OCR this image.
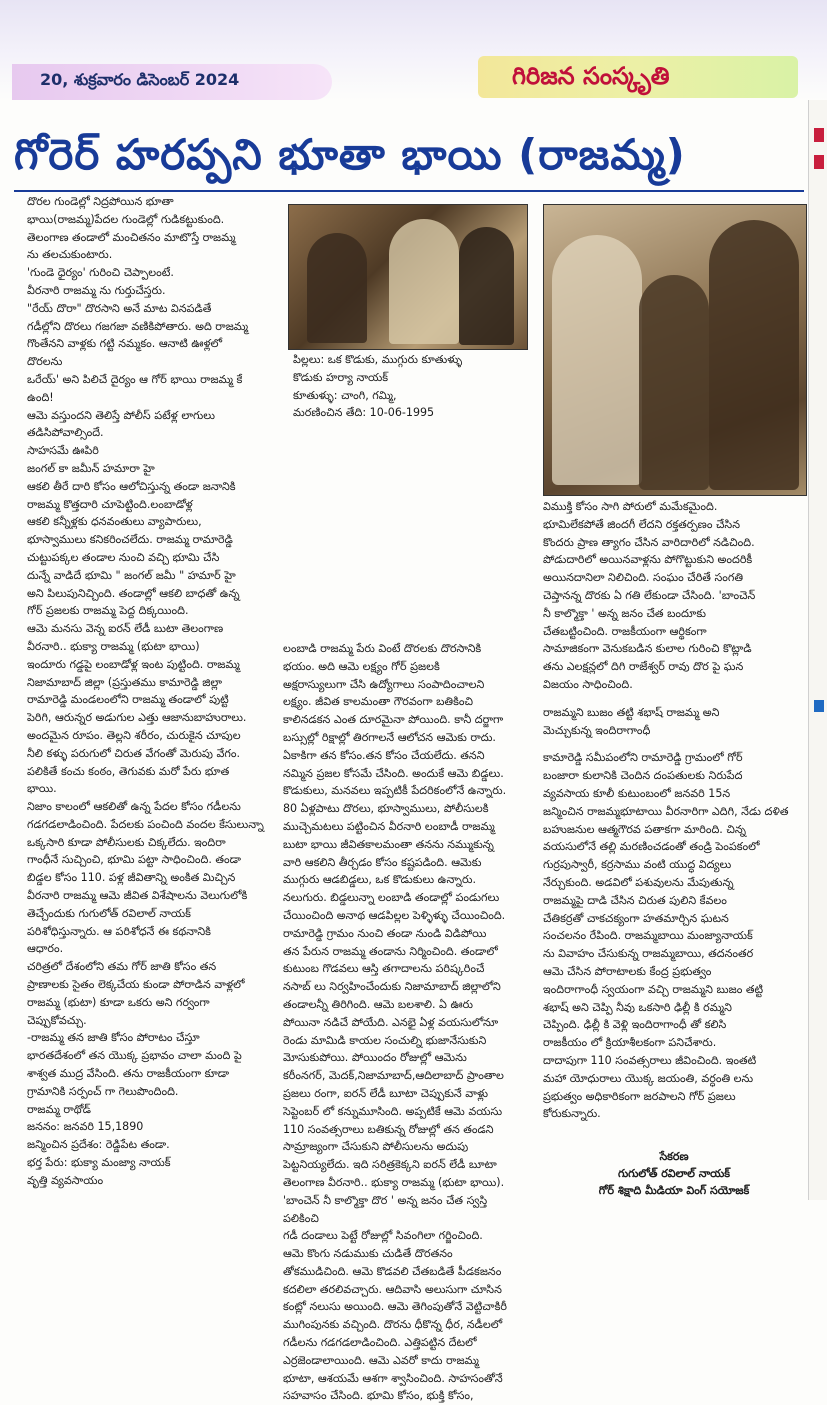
20, శుక్రవారం డిసెంబర్ 2024	గిరిజన సంస్కృతి
గోరెర్ హరప్పని భూతా భాయి (రాజమ్మ)

పిల్లలు: ఒక కొడుకు, ముగ్గురు కూతుళ్ళు

కొడుకు హర్యా నాయక్

కూతుళ్ళు: చాంగి, గమ్మి,

మరణించిన తేది: 10-06-1995

దొరల గుండెల్లో నిద్రపోయిన భూతా

భాయి(రాజమ్మ)పేదల గుండెల్లో గుడికట్టుకుంది.

తెలంగాణ తండాలో మంచితనం మాటొస్తే రాజమ్మ

ను తలచుకుంటారు.

'గుండె ధైర్యం' గురించి చెప్పాలంటే.

వీరనారి రాజమ్మ ను గుర్తుచేస్తరు.

"రేయ్ దొరా" దొరసాని అనే మాట వినపడితే

గడీల్లోని దొరలు గజగజా వణికిపోతారు. అది రాజమ్మ

గొంతేనని వాళ్లకు గట్టి నమ్మకం. ఆనాటి ఊళ్లలో

దొరలను

ఒరేయ్' అని పిలిచే దైర్యం ఆ గోర్ భాయి రాజమ్మ కే

ఉంది!

ఆమె వస్తుందని తెలిస్తే పోలీస్ పటేళ్ల లాగులు

తడిసిపోవాల్సిందే.

సాహసమే ఊపిరి

జంగల్ కా జమీన్ హమారా హై

ఆకలి తీరే దారి కోసం ఆలోచిస్తున్న తండా జనానికి

రాజమ్మ కొత్తదారి చూపెట్టింది.లంబాడోళ్ల

ఆకలి కన్నీళ్లకు ధనవంతులు వ్యాపారులు,

భూస్వాములు కనికరించలేదు. రాజమ్మ రామారెడ్డి

చుట్టుపక్కల తండాల నుంచి వచ్చి భూమి చేసి

దున్నే వాడిదే భూమి " జంగల్ జమీ " హమార్ హై

అని పిలుపునిచ్చింది. తండాల్లో ఆకలి బాధతో ఉన్న

గోర్ ప్రజలకు రాజమ్మ పెద్ద దిక్కయింది.

ఆమె మనసు వెన్న ఐరన్ లేడీ బుటా తెలంగాణ

వీరనారి.. భుక్యా రాజమ్మ (భుటా భాయి)

ఇందూరు గడ్డపై లంబాడోళ్ల ఇంట పుట్టింది. రాజమ్మ

నిజామాబాద్ జిల్లా (ప్రస్తుతము కామారెడ్డి జిల్లా

రామారెడ్డి మండలంలోని రాజమ్మ తండాలో పుట్టి

పెరిగి, ఆరున్నర అడుగుల ఎత్తు ఆజానుబాహురాలు.

అందమైన రూపం. తెల్లని శరీరం, చురుకైన చూపుల

నీలి కళ్ళు పరుగులో చిరుత వేగంతో మెరుపు వేగం.

పలికితే కంచు కంఠం, తెగువకు మరో పేరు భూత

భాయి.

నిజాం కాలంలో ఆకలితో ఉన్న పేదల కోసం గడీలను

గడగడలాడించింది. పేదలకు పంచింది వందల కేసులున్నా

ఒక్కసారి కూడా పోలీసులకు చిక్కలేదు. ఇందిరా

గాంధీనే సుచ్చించి, భూమి పట్టా సాధించింది. తండా

బిడ్డల కోసం 110. పళ్ల జీవితాన్ని అంకిత మిచ్చిన

వీరనారి రాజమ్మ ఆమె జీవిత విశేషాలను వెలుగులోకి

తెచ్చేందుకు గుగులోత్ రవిలాల్ నాయక్

పరిశోధిస్తున్నారు. ఆ పరిశోధనే ఈ కథనానికి

ఆధారం.

చరిత్రలో దేశంలోని తమ గోర్ జాతి కోసం తన

ప్రాణాలకు సైతం లెక్కచేయ కుండా పోరాడిన వాళ్లలో

రాజమ్మ (భుటా) కూడా ఒకరు అని గర్వంగా

చెప్పుకోవచ్చు.

-రాజమ్మ తన జాతి కోసం పోరాటం చేస్తూ

భారతదేశంలో తన యొక్క ప్రభావం చాలా మంది పై

శాశ్వత ముద్ర వేసింది. తను రాజకీయంగా కూడా

గ్రామానికి సర్పంచ్ గా గెలుపొందింది.

రాజమ్మ రాథోడ్

జననం: జనవరి 15,1890

జన్మించిన ప్రదేశం: రెడ్డిపేట తండా.

భర్త పేరు: భుక్యా మంజ్యా నాయక్

వృత్తి వ్యవసాయం

లంబాడి రాజమ్మ పేరు వింటే దొరలకు దొరసానికి

భయం. అది ఆమె లక్ష్యం గోర్ ప్రజలకి

అక్షరాస్యులుగా చేసి ఉద్యోగాలు సంపాదించాలని

లక్ష్యం. జీవిత కాలమంతా గౌరవంగా బతికించి

కాలినడకన ఎంత దూరమైనా పోయింది. కానీ దర్జాగా

బస్సుల్లో రిక్షాల్లో తిరగాలనే ఆలోచన ఆమెకు రాదు.

ఏకాకిగా తన కోసం.తన కోసం చేయలేదు. తనని

నమ్మిన ప్రజల కోసమే చేసింది. అందుకే ఆమె బిడ్డలు.

కొడుకులు, మనవలు ఇప్పటికీ పేదరికంలోనే ఉన్నారు.

80 ఏళ్లపాటు దొరలు, భూస్వాములు, పోలీసులకి

ముచ్చెమటలు పట్టించిన వీరనారి లంబాడీ రాజమ్మ

బుటా భాయి జీవితకాలమంతా తనను నమ్ముకున్న

వారి ఆకలిని తీర్చడం కోసం కష్టపడింది. ఆమెకు

ముగ్గురు ఆడబిడ్డలు, ఒక కొడుకులు ఉన్నారు.

నలుగురు. బిడ్డలున్నా లంబాడి తండాల్లో పండుగలు

చేయించింది అనాథ ఆడపిల్లల పెళ్ళిళ్ళు చేయించింది.

రామారెడ్డి గ్రామం నుంచి తండా నుండి విడిపోయి

తన పేరున రాజమ్మ తండాను నిర్మించింది. తండాలో

కుటుంబ గొడవలు ఆస్తి తగాదాలను పరిష్కరించే

నసాబ్ లు నిర్వహించేందుకు నిజామాబాద్ జిల్లాలోని

తండాలన్నీ తిరిగింది. ఆమె బలశాలి. ఏ ఊరు

పోయినా నడిచే పోయేది. ఎనభై ఏళ్ల వయసులోనూ

రెండు మామిడి కాయల సంచుల్ని భుజానేసుకుని

మోసుకుపోయి. పోయిందం రోజుల్లో ఆమెను

కరీంనగర్, మెదక్,నిజామాబాద్,ఆదిలాబాద్ ప్రాంతాల

ప్రజలు రంగా, ఐరన్ లేడీ బూటా చెప్పుకునే వాళ్లు

సెప్టెంబర్ లో కన్నుమూసింది. అప్పటికే ఆమె వయసు

110 సంవత్సరాలు బతికున్న రోజుల్లో తన తండని

సామ్రాజ్యంగా చేసుకుని పోలీసులను అదుపు

పెట్టనియ్యలేదు. ఇది సరిత్రకెక్కని ఐరన్ లేడీ బూటా

తెలంగాణ వీరనారి.. భుక్యా రాజమ్మ (భుటా భాయి).

'బాంచెన్ నీ కాల్మొక్తా దొర ' అన్న జనం చేత స్వస్తి

పలికించి

గడీ దండాలు పెట్టే రోజుల్లో సివంగిలా గర్జించింది.

ఆమె కొంగు నడుముకు చుడితే దొరతనం

తోకముడిచింది. ఆమె కొడవలి చేతబడితే పీడకజనం

కదలిలా తరలివచ్చారు. ఆదివాసి అలుసుగా చూసిన

కంట్లో నలుసు అయింది. ఆమె తెగింపుతోనే వెట్టిచాకిరీ

ముగింపునకు వచ్చింది. దొరను ధీకొన్న ధీర, నడీలలో

గడీలను గడగడలాడించింది. ఎత్తిపట్టిన దేటలో

ఎర్రజెండాలాయింది. ఆమె ఎవరో కాదు రాజమ్మ

భూటా, ఆశయమే ఆశగా శ్వాసించింది. సాహసంతోనే

సహవాసం చేసింది. భూమి కోసం, భుక్తి కోసం,

విముక్తి కోసం సాగి పోరులో మమేకమైంది.

భూమిలేకపోతే జిందగీ లేదని రక్తతర్పణం చేసిన

కొందరు ప్రాణ త్యాగం చేసిన వారిదారిలో నడిచింది.

పోడుదారిలో అయినవాళ్లను పోగొట్టుకుని అందరికీ

అయినదానిలా నిలిచింది. సంఘం చేరితే సంగతి

చెప్తానన్న దొరకు ఏ గతి లేకుండా చేసింది. 'బాంచెన్

నీ కాల్మొక్తా ' అన్న జనం చేత బందూకు

చేతబట్టించింది. రాజకీయంగా ఆర్థికంగా

సామాజికంగా వెనుకబడిన కులాల గురించి కొట్లాడి

తను ఎలక్షన్లలో దిగి రాజేశ్వర్ రావు దొర పై ఘన

విజయం సాధించింది.

రాజమ్మని బుజం తట్టి శభాష్ రాజమ్మ అని

మెచ్చుకున్న ఇందిరాగాంధీ

కామారెడ్డి సమీపంలోని రామారెడ్డి గ్రామంలో గోర్

బంజారా కులానికి చెందిన దంపతులకు నిరుపేద

వ్యవసాయ కూలీ కుటుంబంలో జనవరి 15న

జన్మించిన రాజమ్మభూటాయి వీరనారిగా ఎదిగి, నేడు దళిత

బహుజనుల ఆత్మగౌరవ పతాకగా మారింది. చిన్న

వయసులోనే తల్లి మరణించడంతో తండ్రి పెంపకంలో

గుర్రపుస్వారీ, కర్రసాము వంటి యుద్ధ విద్యలు

నేర్చుకుంది. అడవిలో పశువులను మేపుతున్న

రాజమ్మపై దాడి చేసిన చిరుత పులిని కేవలం

చేతికర్రతో చాకచక్యంగా హతమార్చిన ఘటన

సంచలనం రేపింది. రాజమ్మబాయి మంజ్యానాయక్

ను వివాహం చేసుకున్న రాజమ్మబాయి, తదనంతర

ఆమె చేసిన పోరాటాలకు కేంద్ర ప్రభుత్వం

ఇందిరాగాంధీ స్వయంగా వచ్చి రాజమ్మని బుజం తట్టి

శభాష్ అని చెప్పి నీవు ఒకసారి ఢిల్లీ కి రమ్మని

చెప్పింది. ఢిల్లీ కి వెళ్లి ఇందిరాగాంధీ తో కలిసి

రాజకీయం లో క్రియాశీలకంగా పనిచేశారు.

దాదాపుగా 110 సంవత్సరాలు జీవించింది. ఇంతటి

మహా యోధురాలు యొక్క జయంతి, వర్ధంతి లను

ప్రభుత్వం అధికారికంగా జరపాలని గోర్ ప్రజలు

కోరుకున్నారు.

సేకరణ

గుగులోత్ రవిలాల్ నాయక్

గోర్ శిక్షాది మీడియా వింగ్ సయోజక్
